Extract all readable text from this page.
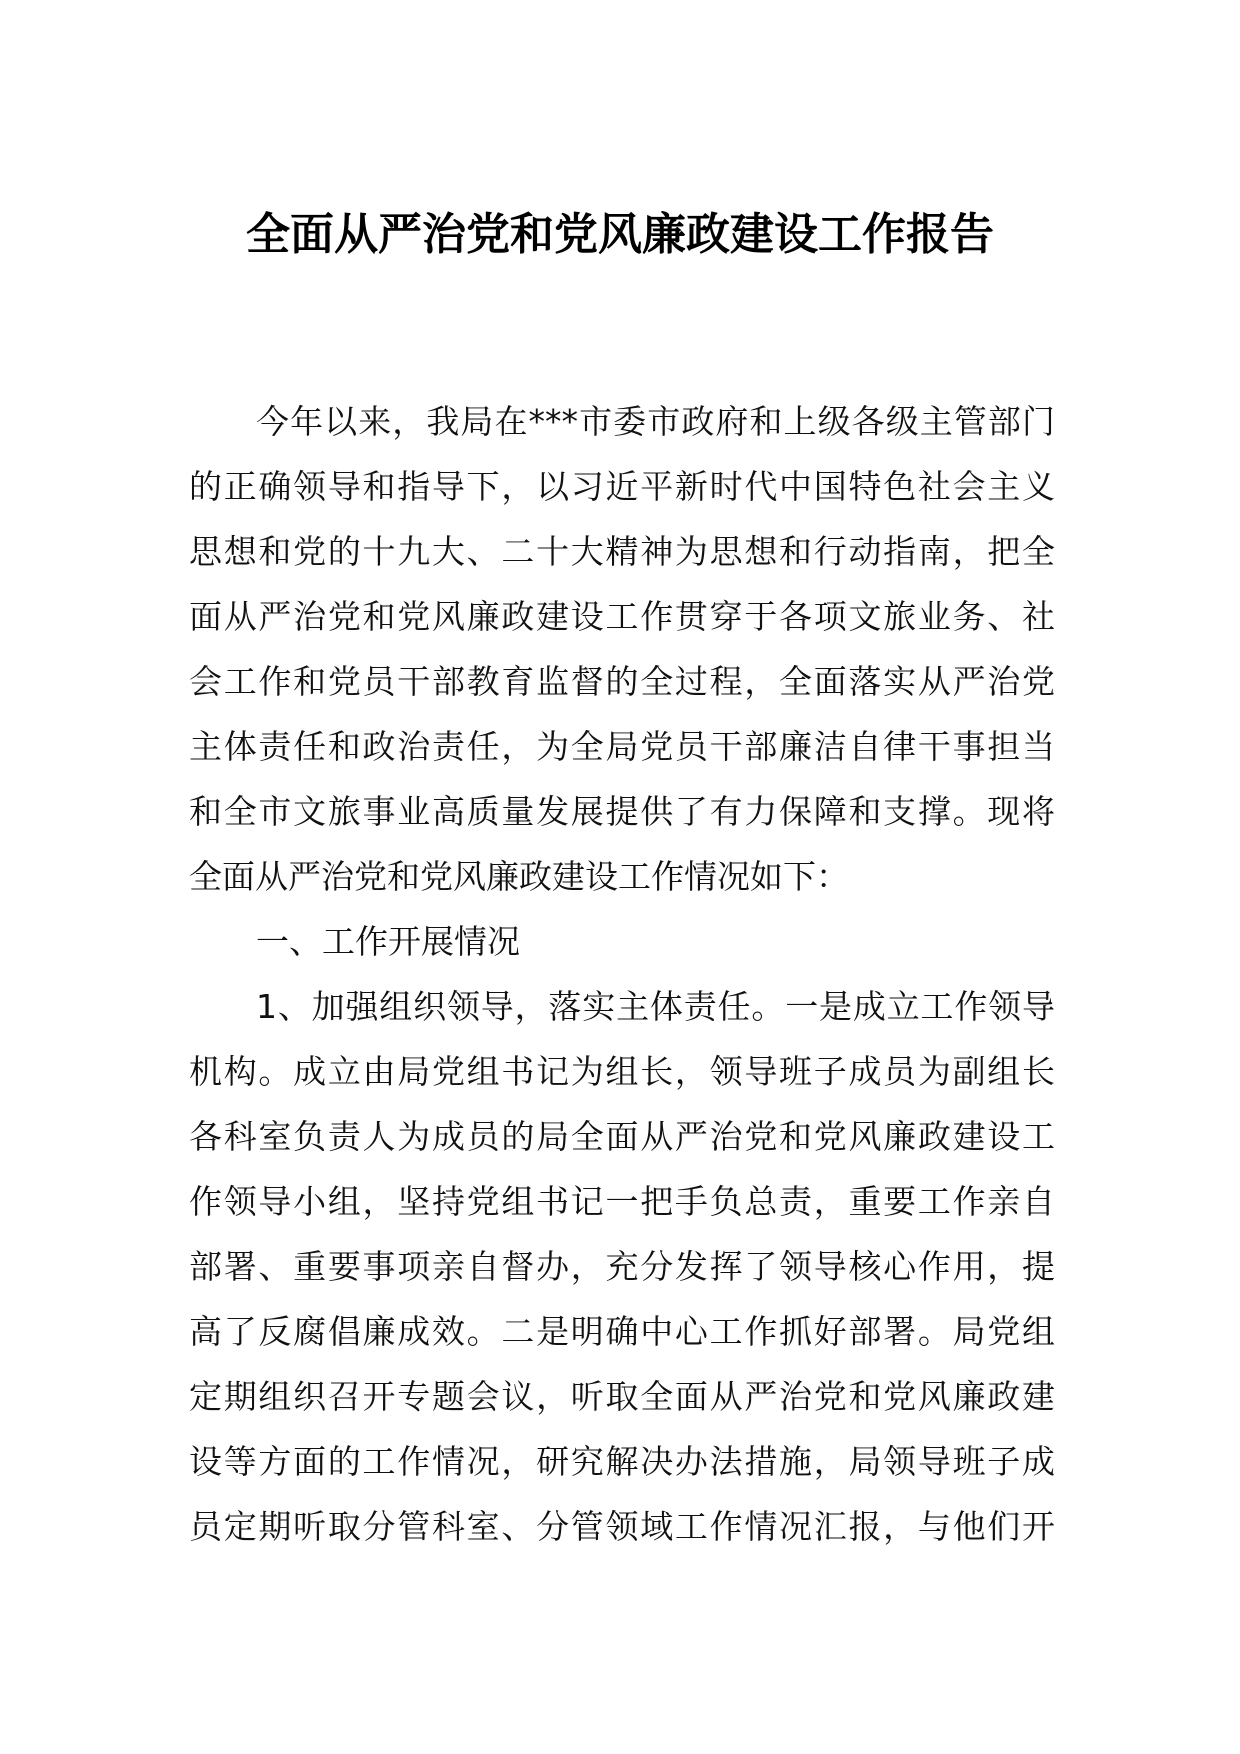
全面从严治党和党风廉政建设工作报告
今年以来，我局在***市委市政府和上级各级主管部门
的正确领导和指导下，以习近平新时代中国特色社会主义
思想和党的十九大、二十大精神为思想和行动指南，把全
面从严治党和党风廉政建设工作贯穿于各项文旅业务、社
会工作和党员干部教育监督的全过程，全面落实从严治党
主体责任和政治责任，为全局党员干部廉洁自律干事担当
和全市文旅事业高质量发展提供了有力保障和支撑。现将
全面从严治党和党风廉政建设工作情况如下：
一、工作开展情况
1、加强组织领导，落实主体责任。一是成立工作领导
机构。成立由局党组书记为组长，领导班子成员为副组长
各科室负责人为成员的局全面从严治党和党风廉政建设工
作领导小组，坚持党组书记一把手负总责，重要工作亲自
部署、重要事项亲自督办，充分发挥了领导核心作用，提
高了反腐倡廉成效。二是明确中心工作抓好部署。局党组
定期组织召开专题会议，听取全面从严治党和党风廉政建
设等方面的工作情况，研究解决办法措施，局领导班子成
员定期听取分管科室、分管领域工作情况汇报，与他们开
